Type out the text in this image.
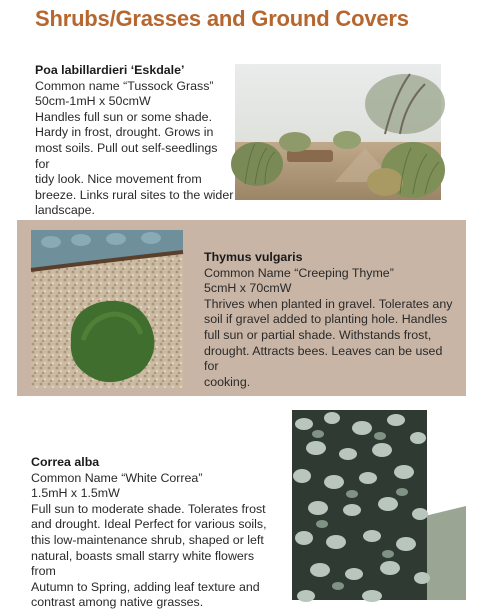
Shrubs/Grasses and Ground Covers
Poa labillardieri ‘Eskdale’
Common name “Tussock Grass”
50cm-1mH x 50cmW
Handles full sun or some shade.
Hardy in frost, drought. Grows in
most soils. Pull out self-seedlings for
tidy look. Nice movement from
breeze. Links rural sites to the wider
landscape.
Thymus vulgaris
Common Name “Creeping Thyme”
5cmH x 70cmW
Thrives when planted in gravel. Tolerates any
soil if gravel added to planting hole. Handles
full sun or partial shade. Withstands frost,
drought. Attracts bees. Leaves can be used for
cooking.
Correa alba
Common Name “White Correa”
1.5mH x 1.5mW
Full sun to moderate shade. Tolerates frost
and drought. Ideal Perfect for various soils,
this low-maintenance shrub, shaped or left
natural, boasts small starry white flowers from
Autumn to Spring, adding leaf texture and
contrast among native grasses.
